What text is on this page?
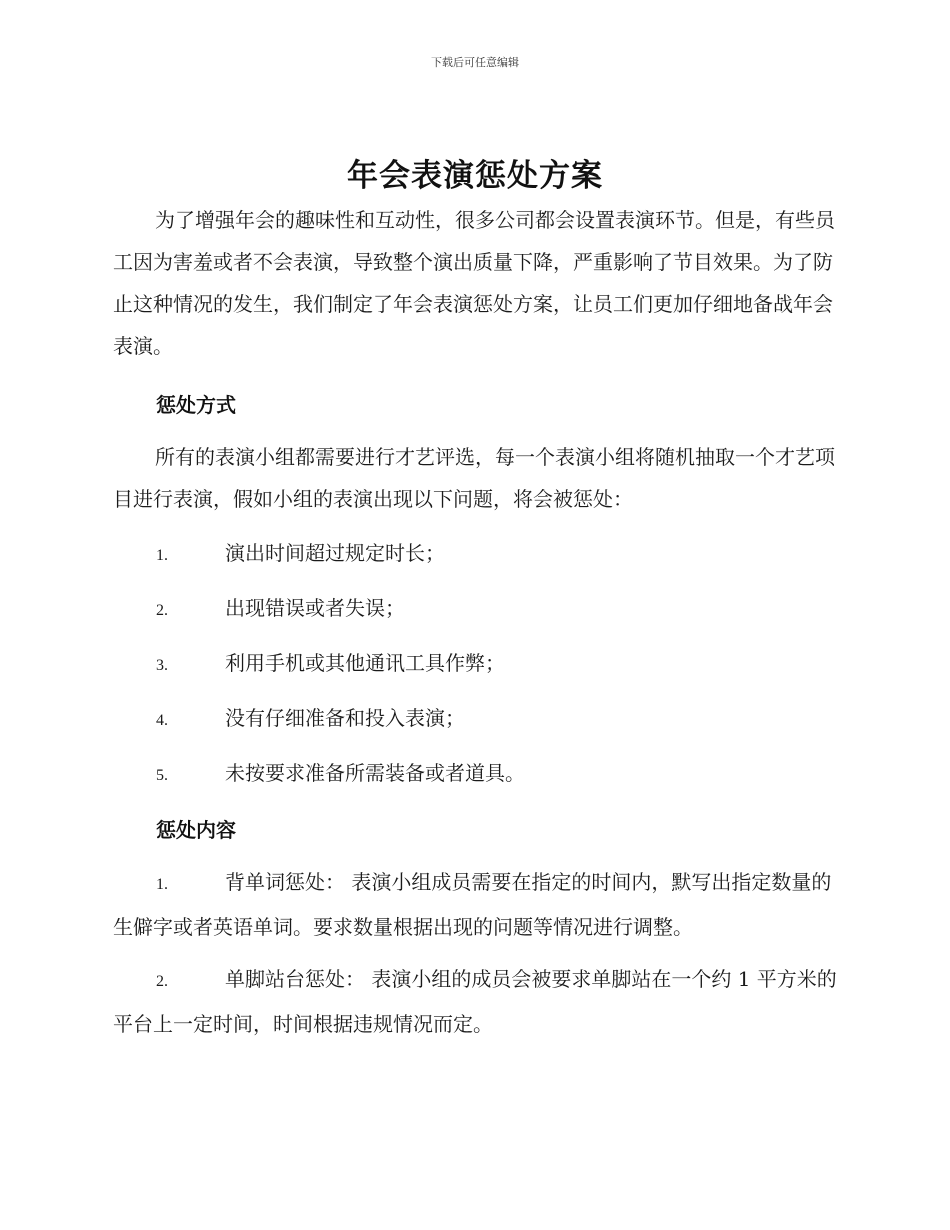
下载后可任意编辑
年会表演惩处方案
为了增强年会的趣味性和互动性，很多公司都会设置表演环节。但是，有些员工因为害羞或者不会表演，导致整个演出质量下降，严重影响了节目效果。为了防止这种情况的发生，我们制定了年会表演惩处方案，让员工们更加仔细地备战年会表演。
惩处方式
所有的表演小组都需要进行才艺评选，每一个表演小组将随机抽取一个才艺项目进行表演，假如小组的表演出现以下问题，将会被惩处：
1.	演出时间超过规定时长；
2.	出现错误或者失误；
3.	利用手机或其他通讯工具作弊；
4.	没有仔细准备和投入表演；
5.	未按要求准备所需装备或者道具。
惩处内容
1.	背单词惩处： 表演小组成员需要在指定的时间内，默写出指定数量的生僻字或者英语单词。要求数量根据出现的问题等情况进行调整。
2.	单脚站台惩处： 表演小组的成员会被要求单脚站在一个约 1 平方米的平台上一定时间，时间根据违规情况而定。
